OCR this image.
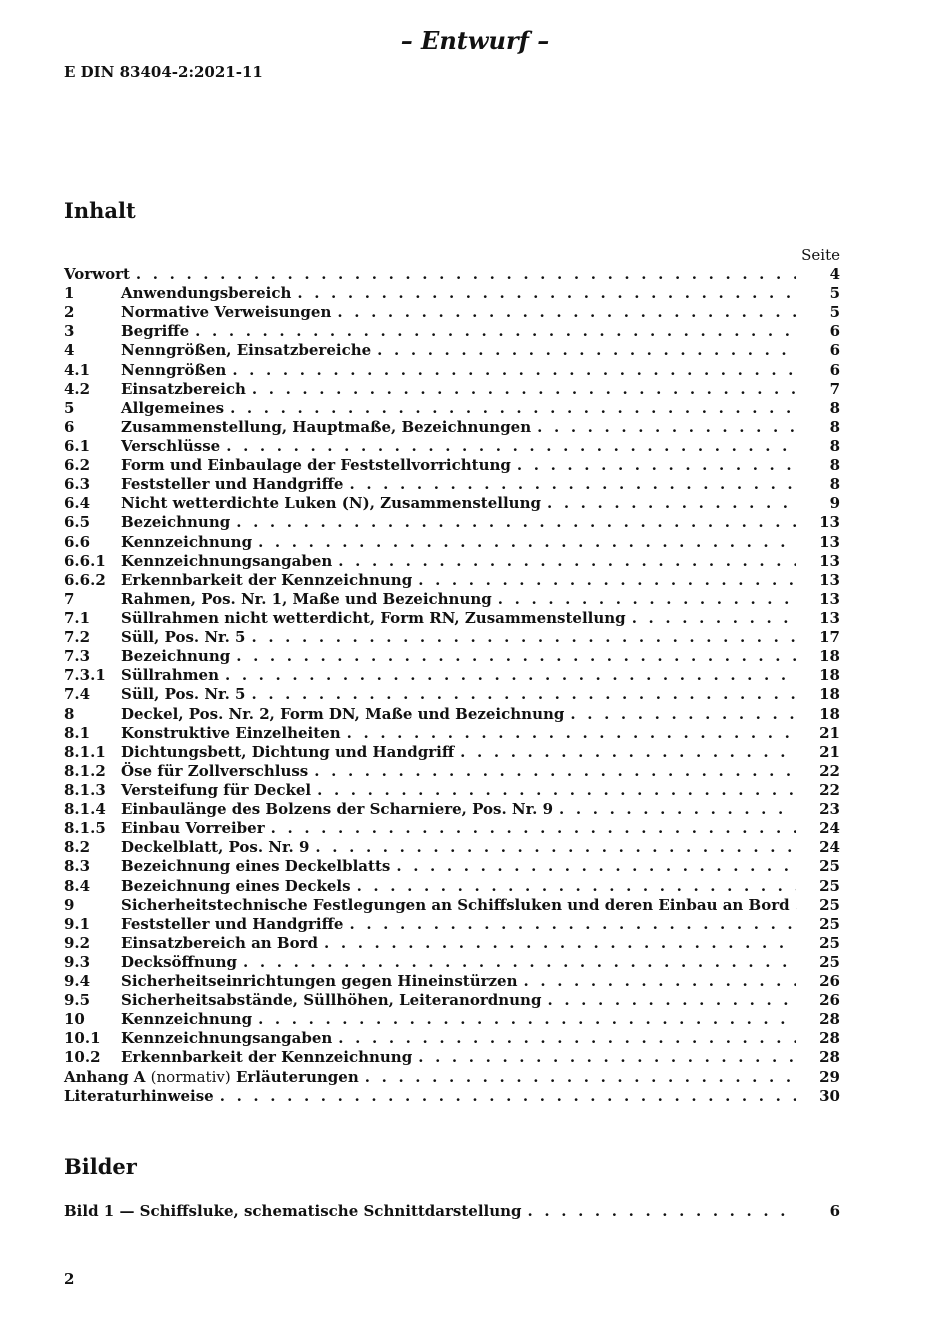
– Entwurf –
E DIN 83404-2:2021-11
Inhalt
Seite
Vorwort . . .	4
1	Anwendungsbereich . . .	5
2	Normative Verweisungen . . .	5
3	Begriffe . . .	6
4	Nenngrößen, Einsatzbereiche . . .	6
4.1	Nenngrößen . . .	6
4.2	Einsatzbereich . . .	7
5	Allgemeines . . .	8
6	Zusammenstellung, Hauptmaße, Bezeichnungen . . .	8
6.1	Verschlüsse . . .	8
6.2	Form und Einbaulage der Feststellvorrichtung . . .	8
6.3	Feststeller und Handgriffe . . .	8
6.4	Nicht wetterdichte Luken (N), Zusammenstellung . . .	9
6.5	Bezeichnung . . .	13
6.6	Kennzeichnung . . .	13
6.6.1	Kennzeichnungsangaben . . .	13
6.6.2	Erkennbarkeit der Kennzeichnung . . .	13
7	Rahmen, Pos. Nr. 1, Maße und Bezeichnung . . .	13
7.1	Süllrahmen nicht wetterdicht, Form RN, Zusammenstellung . . .	13
7.2	Süll, Pos. Nr. 5 . . .	17
7.3	Bezeichnung . . .	18
7.3.1	Süllrahmen . . .	18
7.4	Süll, Pos. Nr. 5 . . .	18
8	Deckel, Pos. Nr. 2, Form DN, Maße und Bezeichnung . . .	18
8.1	Konstruktive Einzelheiten . . .	21
8.1.1	Dichtungsbett, Dichtung und Handgriff . . .	21
8.1.2	Öse für Zollverschluss . . .	22
8.1.3	Versteifung für Deckel . . .	22
8.1.4	Einbaulänge des Bolzens der Scharniere, Pos. Nr. 9 . . .	23
8.1.5	Einbau Vorreiber . . .	24
8.2	Deckelblatt, Pos. Nr. 9 . . .	24
8.3	Bezeichnung eines Deckelblatts . . .	25
8.4	Bezeichnung eines Deckels . . .	25
9	Sicherheitstechnische Festlegungen an Schiffsluken und deren Einbau an Bord . . .	25
9.1	Feststeller und Handgriffe . . .	25
9.2	Einsatzbereich an Bord . . .	25
9.3	Decksöffnung . . .	25
9.4	Sicherheitseinrichtungen gegen Hineinstürzen . . .	26
9.5	Sicherheitsabstände, Süllhöhen, Leiteranordnung . . .	26
10	Kennzeichnung . . .	28
10.1	Kennzeichnungsangaben . . .	28
10.2	Erkennbarkeit der Kennzeichnung . . .	28
Anhang A (normativ) Erläuterungen . . .	29
Literaturhinweise . . .	30
Bilder
Bild 1 — Schiffsluke, schematische Schnittdarstellung . . .	6
2
